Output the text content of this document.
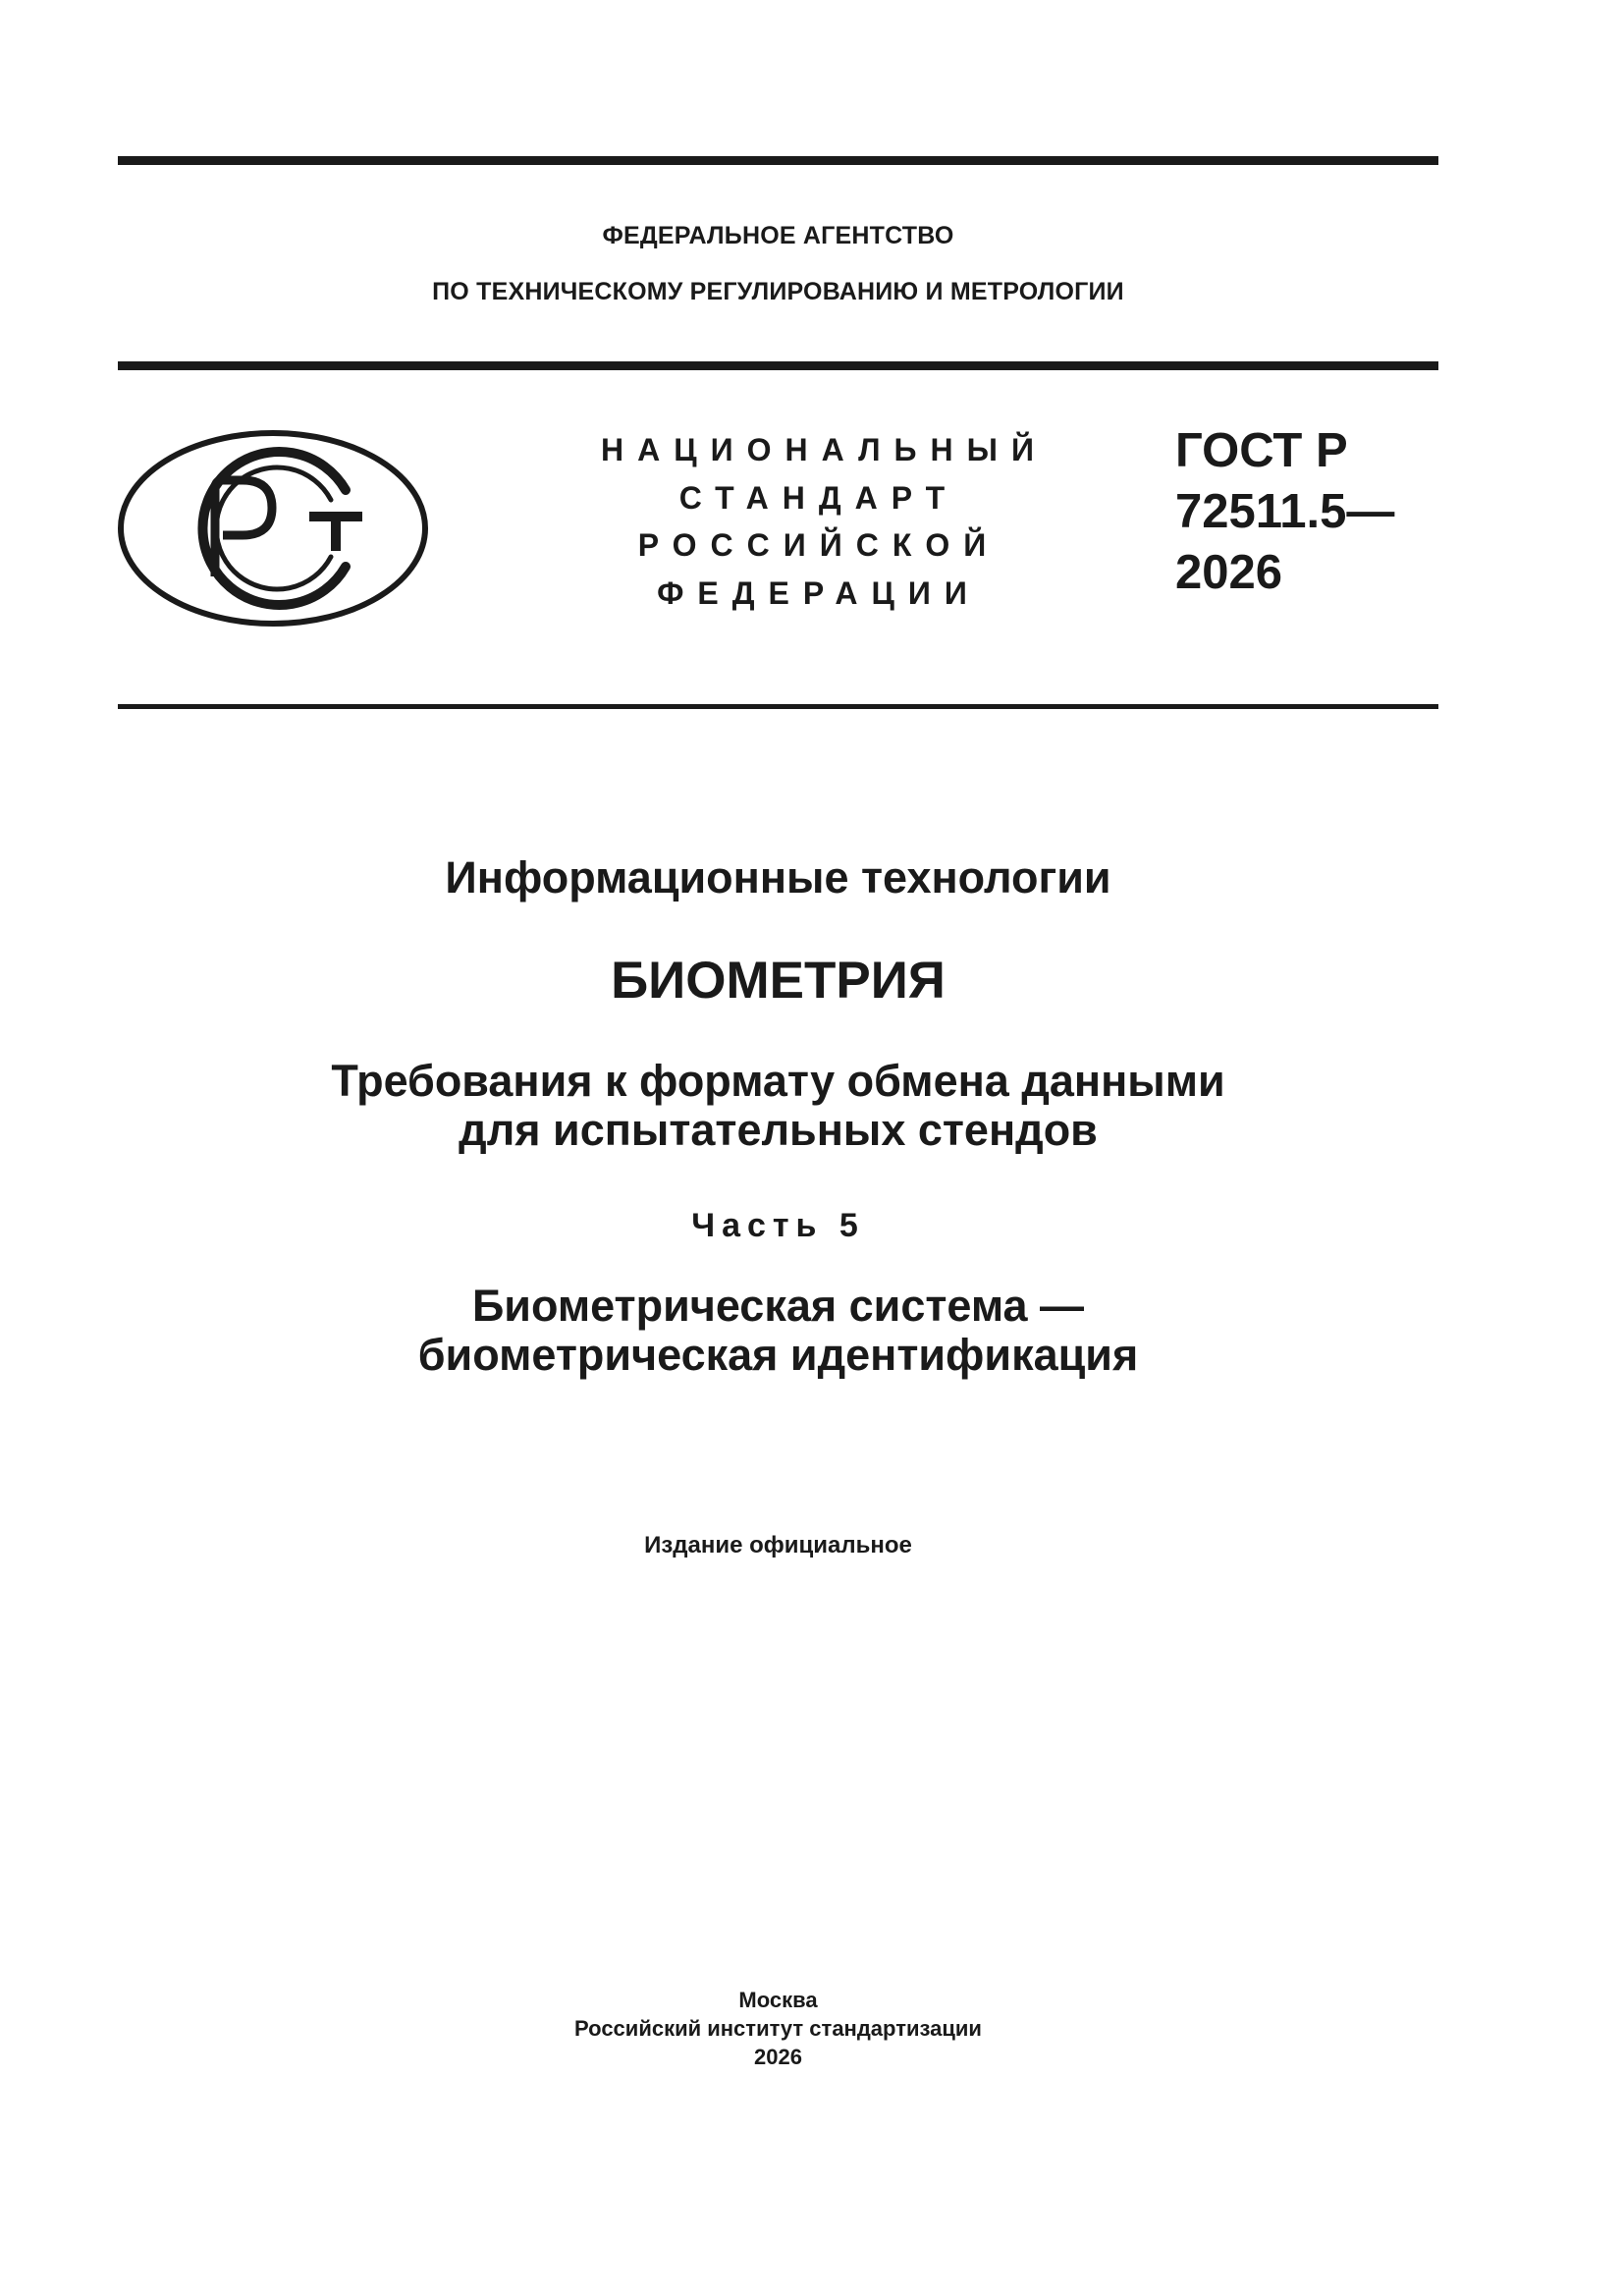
ФЕДЕРАЛЬНОЕ АГЕНТСТВО
ПО ТЕХНИЧЕСКОМУ РЕГУЛИРОВАНИЮ И МЕТРОЛОГИИ
НАЦИОНАЛЬНЫЙ
СТАНДАРТ
РОССИЙСКОЙ
ФЕДЕРАЦИИ
ГОСТ Р
72511.5—
2026
Информационные технологии
БИОМЕТРИЯ
Требования к формату обмена данными
для испытательных стендов
Часть 5
Биометрическая система —
биометрическая идентификация
Издание официальное
Москва
Российский институт стандартизации
2026
